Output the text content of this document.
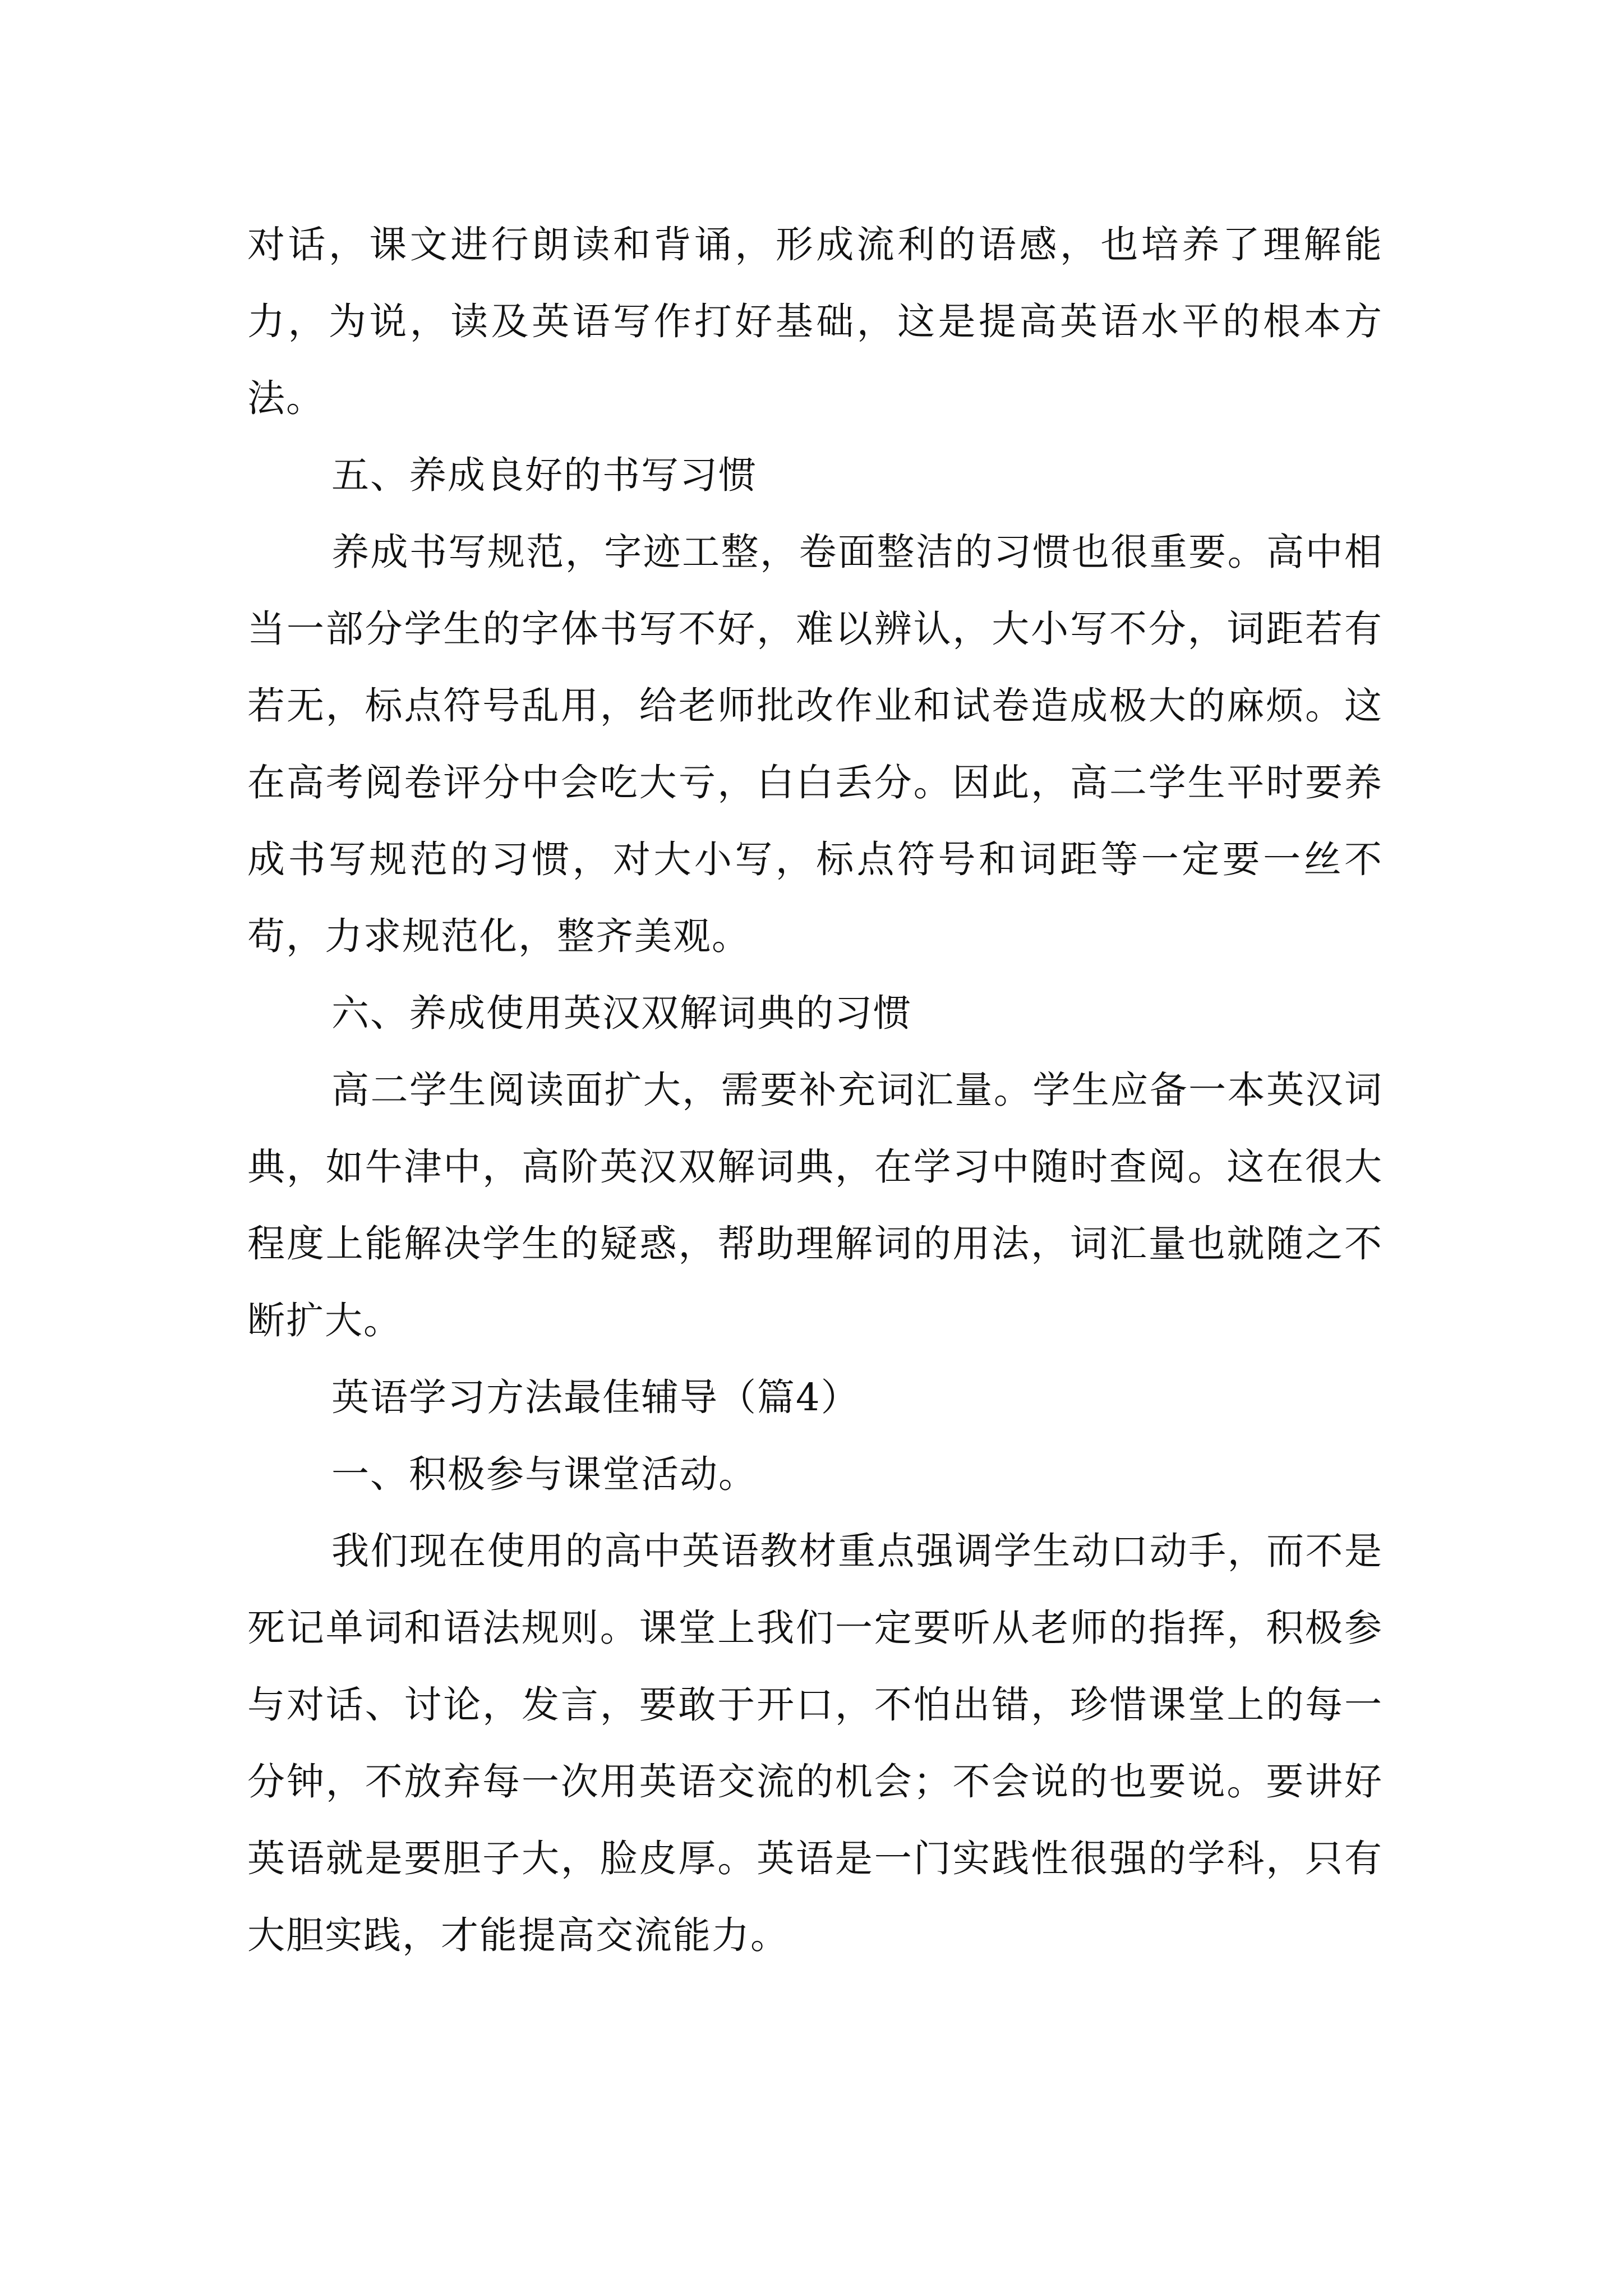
对话，课文进行朗读和背诵，形成流利的语感，也培养了理解能力，为说，读及英语写作打好基础，这是提高英语水平的根本方法。

五、养成良好的书写习惯

养成书写规范，字迹工整，卷面整洁的习惯也很重要。高中相当一部分学生的字体书写不好，难以辨认，大小写不分，词距若有若无，标点符号乱用，给老师批改作业和试卷造成极大的麻烦。这在高考阅卷评分中会吃大亏，白白丢分。因此，高二学生平时要养成书写规范的习惯，对大小写，标点符号和词距等一定要一丝不苟，力求规范化，整齐美观。

六、养成使用英汉双解词典的习惯

高二学生阅读面扩大，需要补充词汇量。学生应备一本英汉词典，如牛津中，高阶英汉双解词典，在学习中随时查阅。这在很大程度上能解决学生的疑惑，帮助理解词的用法，词汇量也就随之不断扩大。

英语学习方法最佳辅导（篇4）

一、积极参与课堂活动。

我们现在使用的高中英语教材重点强调学生动口动手，而不是死记单词和语法规则。课堂上我们一定要听从老师的指挥，积极参与对话、讨论，发言，要敢于开口，不怕出错，珍惜课堂上的每一分钟，不放弃每一次用英语交流的机会；不会说的也要说。要讲好英语就是要胆子大，脸皮厚。英语是一门实践性很强的学科，只有大胆实践，才能提高交流能力。
